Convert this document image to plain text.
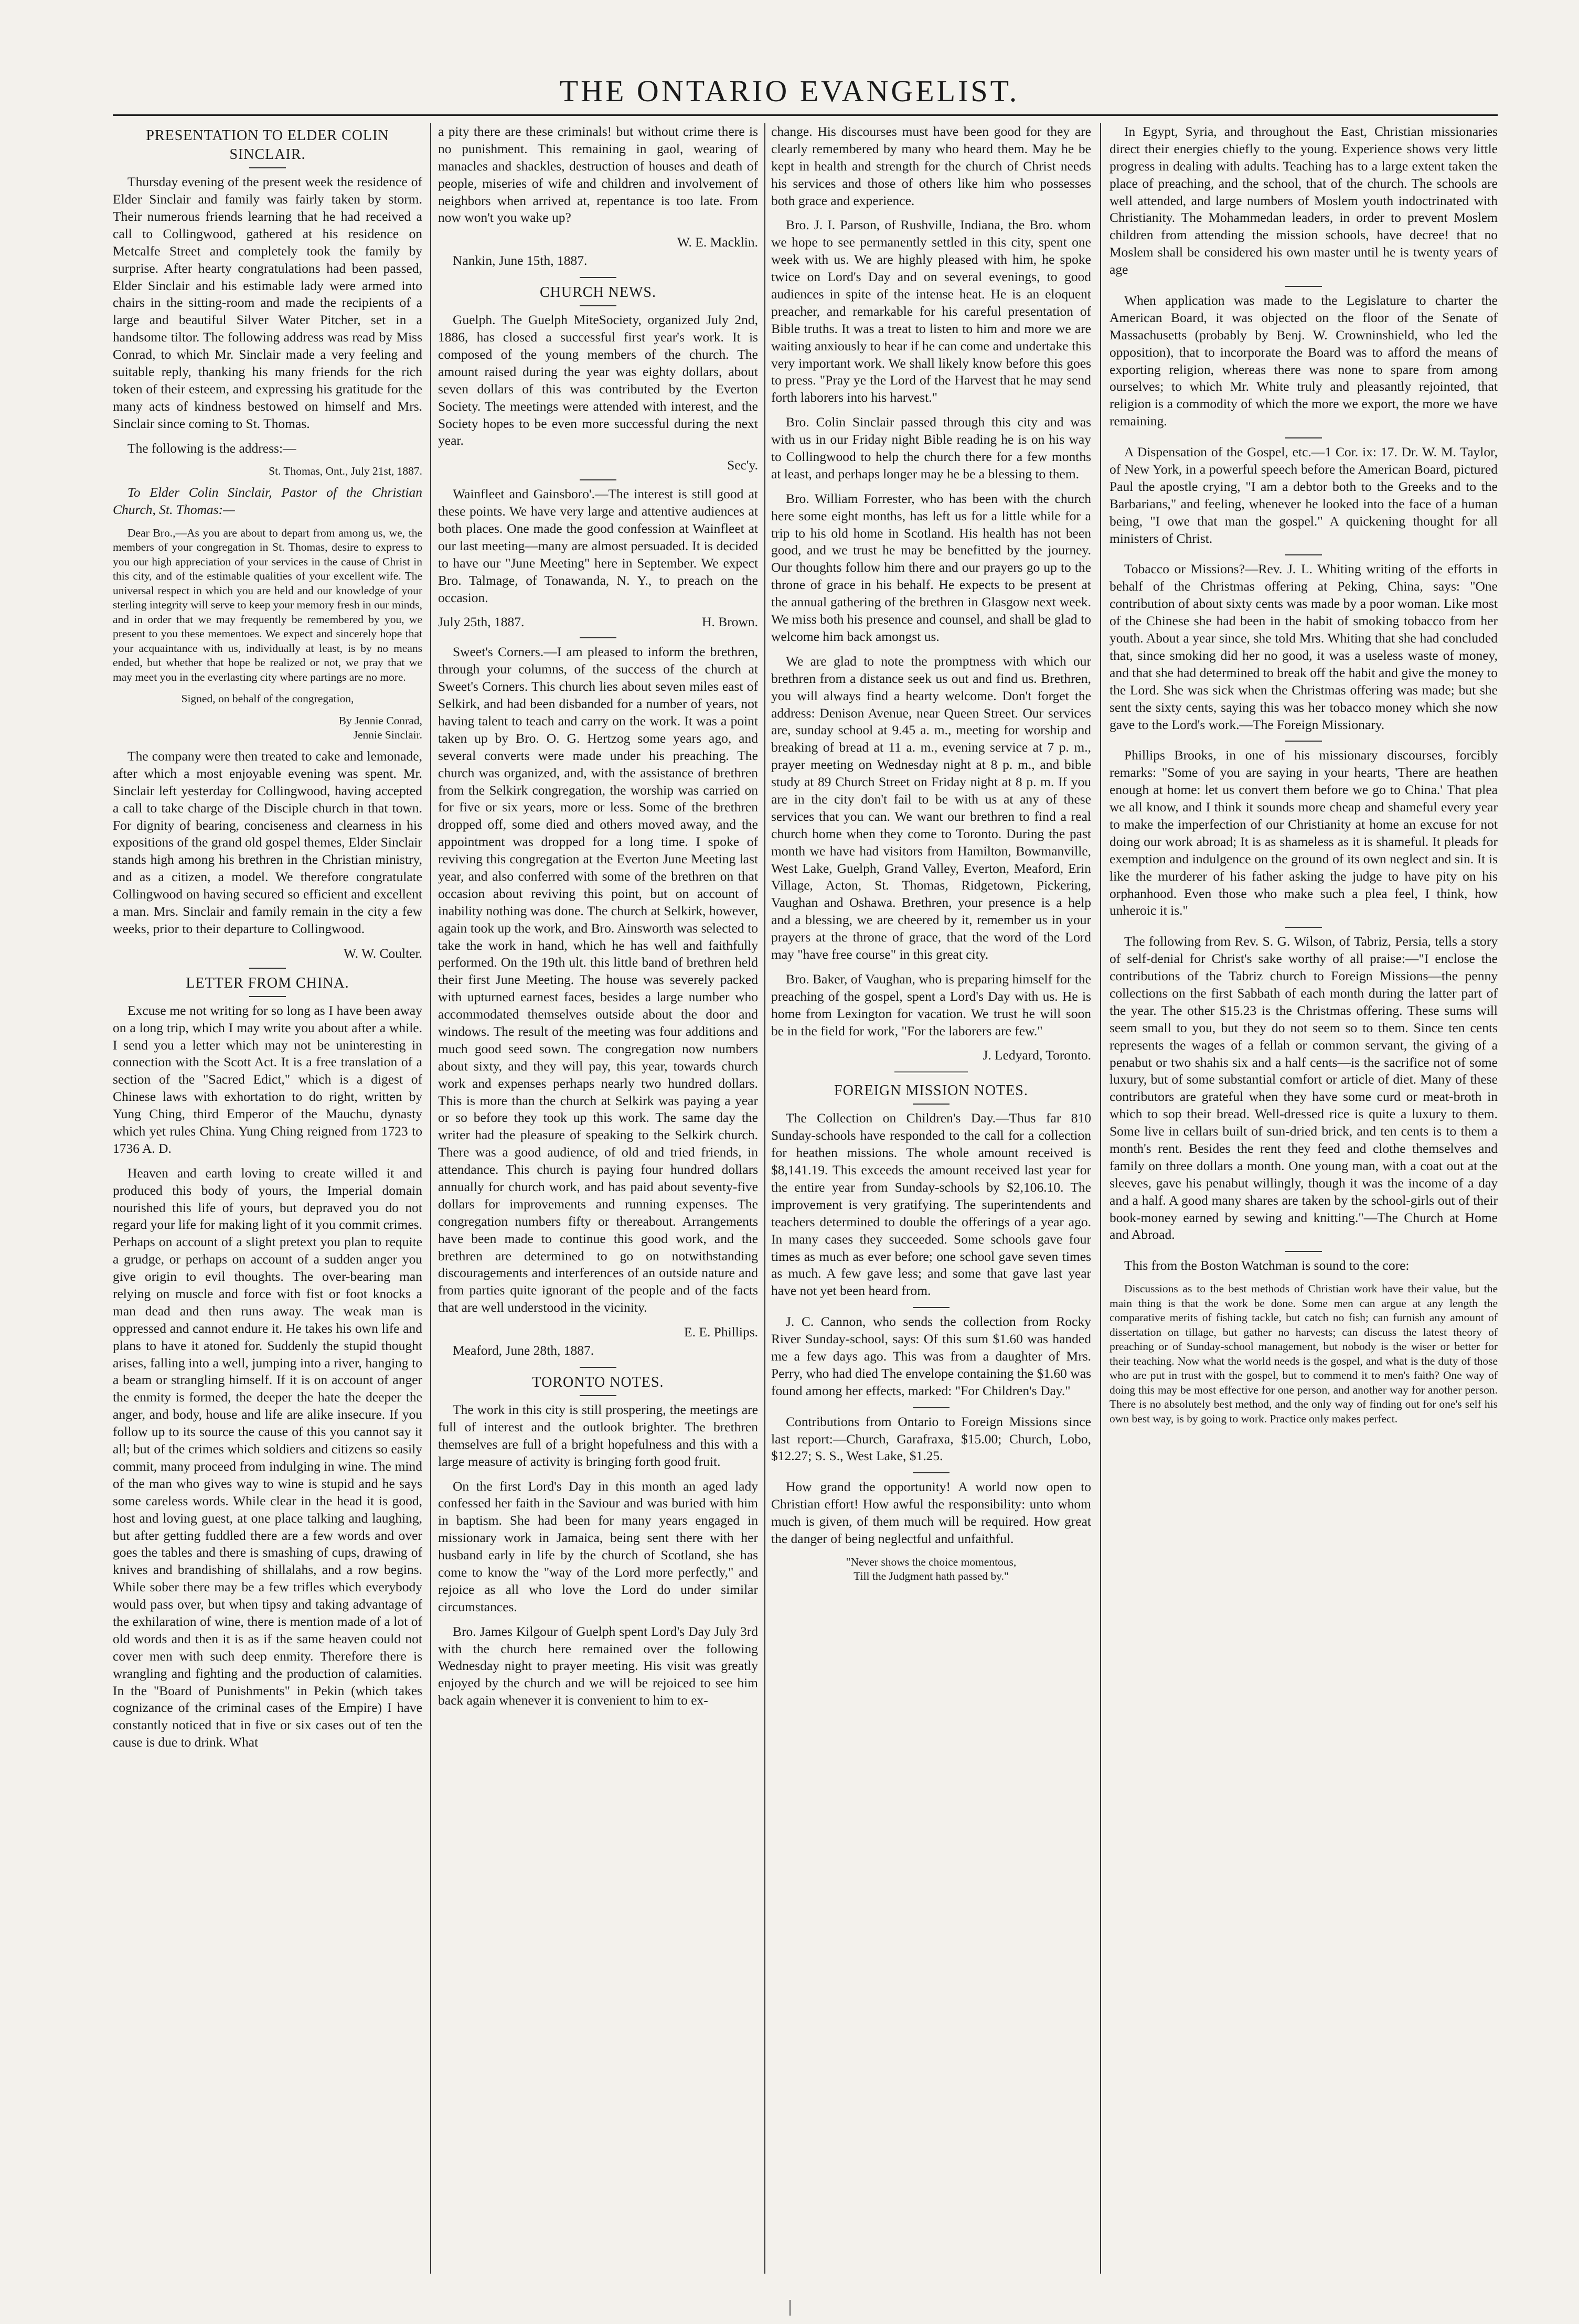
THE ONTARIO EVANGELIST.
PRESENTATION TO ELDER COLIN SINCLAIR.

Thursday evening of the present week the residence of Elder Sinclair and family was fairly taken by storm. Their numerous friends learning that he had received a call to Collingwood, gathered at his residence on Metcalfe Street and completely took the family by surprise. After hearty congratulations had been passed, Elder Sinclair and his estimable lady were armed into chairs in the sitting-room and made the recipients of a large and beautiful Silver Water Pitcher, set in a handsome tiltor. The following address was read by Miss Conrad, to which Mr. Sinclair made a very feeling and suitable reply, thanking his many friends for the rich token of their esteem, and expressing his gratitude for the many acts of kindness bestowed on himself and Mrs. Sinclair since coming to St. Thomas.

The following is the address:—

St. Thomas, Ont., July 21st, 1887.

To Elder Colin Sinclair, Pastor of the Christian Church, St. Thomas:—

Dear Bro.,—As you are about to depart from among us, we, the members of your congregation in St. Thomas, desire to express to you our high appreciation of your services in the cause of Christ in this city, and of the estimable qualities of your excellent wife. The universal respect in which you are held and our knowledge of your sterling integrity will serve to keep your memory fresh in our minds, and in order that we may frequently be remembered by you, we present to you these mementoes. We expect and sincerely hope that your acquaintance with us, individually at least, is by no means ended, but whether that hope be realized or not, we pray that we may meet you in the everlasting city where partings are no more.

Signed, on behalf of the congregation,

By Jennie Conrad,

Jennie Sinclair.

The company were then treated to cake and lemonade, after which a most enjoyable evening was spent. Mr. Sinclair left yesterday for Collingwood, having accepted a call to take charge of the Disciple church in that town. For dignity of bearing, conciseness and clearness in his expositions of the grand old gospel themes, Elder Sinclair stands high among his brethren in the Christian ministry, and as a citizen, a model. We therefore congratulate Collingwood on having secured so efficient and excellent a man. Mrs. Sinclair and family remain in the city a few weeks, prior to their departure to Collingwood.

W. W. Coulter.

LETTER FROM CHINA.

Excuse me not writing for so long as I have been away on a long trip, which I may write you about after a while. I send you a letter which may not be uninteresting in connection with the Scott Act. It is a free translation of a section of the "Sacred Edict," which is a digest of Chinese laws with exhortation to do right, written by Yung Ching, third Emperor of the Mauchu, dynasty which yet rules China. Yung Ching reigned from 1723 to 1736 A. D.

Heaven and earth loving to create willed it and produced this body of yours, the Imperial domain nourished this life of yours, but depraved you do not regard your life for making light of it you commit crimes. Perhaps on account of a slight pretext you plan to requite a grudge, or perhaps on account of a sudden anger you give origin to evil thoughts. The over-bearing man relying on muscle and force with fist or foot knocks a man dead and then runs away. The weak man is oppressed and cannot endure it. He takes his own life and plans to have it atoned for. Suddenly the stupid thought arises, falling into a well, jumping into a river, hanging to a beam or strangling himself. If it is on account of anger the enmity is formed, the deeper the hate the deeper the anger, and body, house and life are alike insecure. If you follow up to its source the cause of this you cannot say it all; but of the crimes which soldiers and citizens so easily commit, many proceed from indulging in wine. The mind of the man who gives way to wine is stupid and he says some careless words. While clear in the head it is good, host and loving guest, at one place talking and laughing, but after getting fuddled there are a few words and over goes the tables and there is smashing of cups, drawing of knives and brandishing of shillalahs, and a row begins. While sober there may be a few trifles which everybody would pass over, but when tipsy and taking advantage of the exhilaration of wine, there is mention made of a lot of old words and then it is as if the same heaven could not cover men with such deep enmity. Therefore there is wrangling and fighting and the production of calamities. In the "Board of Punishments" in Pekin (which takes cognizance of the criminal cases of the Empire) I have constantly noticed that in five or six cases out of ten the cause is due to drink. What

a pity there are these criminals! but without crime there is no punishment. This remaining in gaol, wearing of manacles and shackles, destruction of houses and death of people, miseries of wife and children and involvement of neighbors when arrived at, repentance is too late. From now won't you wake up?

W. E. Macklin.

Nankin, June 15th, 1887.

CHURCH NEWS.

Guelph. The Guelph MiteSociety, organized July 2nd, 1886, has closed a successful first year's work. It is composed of the young members of the church. The amount raised during the year was eighty dollars, about seven dollars of this was contributed by the Everton Society. The meetings were attended with interest, and the Society hopes to be even more successful during the next year.

Sec'y.

Wainfleet and Gainsboro'.—The interest is still good at these points. We have very large and attentive audiences at both places. One made the good confession at Wainfleet at our last meeting—many are almost persuaded. It is decided to have our "June Meeting" here in September. We expect Bro. Talmage, of Tonawanda, N. Y., to preach on the occasion.

July 25th, 1887.	H. Brown.

Sweet's Corners.—I am pleased to inform the brethren, through your columns, of the success of the church at Sweet's Corners. This church lies about seven miles east of Selkirk, and had been disbanded for a number of years, not having talent to teach and carry on the work. It was a point taken up by Bro. O. G. Hertzog some years ago, and several converts were made under his preaching. The church was organized, and, with the assistance of brethren from the Selkirk congregation, the worship was carried on for five or six years, more or less. Some of the brethren dropped off, some died and others moved away, and the appointment was dropped for a long time. I spoke of reviving this congregation at the Everton June Meeting last year, and also conferred with some of the brethren on that occasion about reviving this point, but on account of inability nothing was done. The church at Selkirk, however, again took up the work, and Bro. Ainsworth was selected to take the work in hand, which he has well and faithfully performed. On the 19th ult. this little band of brethren held their first June Meeting. The house was severely packed with upturned earnest faces, besides a large number who accommodated themselves outside about the door and windows. The result of the meeting was four additions and much good seed sown. The congregation now numbers about sixty, and they will pay, this year, towards church work and expenses perhaps nearly two hundred dollars. This is more than the church at Selkirk was paying a year or so before they took up this work. The same day the writer had the pleasure of speaking to the Selkirk church. There was a good audience, of old and tried friends, in attendance. This church is paying four hundred dollars annually for church work, and has paid about seventy-five dollars for improvements and running expenses. The congregation numbers fifty or thereabout. Arrangements have been made to continue this good work, and the brethren are determined to go on notwithstanding discouragements and interferences of an outside nature and from parties quite ignorant of the people and of the facts that are well understood in the vicinity.

E. E. Phillips.

Meaford, June 28th, 1887.

TORONTO NOTES.

The work in this city is still prospering, the meetings are full of interest and the outlook brighter. The brethren themselves are full of a bright hopefulness and this with a large measure of activity is bringing forth good fruit.

On the first Lord's Day in this month an aged lady confessed her faith in the Saviour and was buried with him in baptism. She had been for many years engaged in missionary work in Jamaica, being sent there with her husband early in life by the church of Scotland, she has come to know the "way of the Lord more perfectly," and rejoice as all who love the Lord do under similar circumstances.

Bro. James Kilgour of Guelph spent Lord's Day July 3rd with the church here remained over the following Wednesday night to prayer meeting. His visit was greatly enjoyed by the church and we will be rejoiced to see him back again whenever it is convenient to him to ex-

change. His discourses must have been good for they are clearly remembered by many who heard them. May he be kept in health and strength for the church of Christ needs his services and those of others like him who possesses both grace and experience.

Bro. J. I. Parson, of Rushville, Indiana, the Bro. whom we hope to see permanently settled in this city, spent one week with us. We are highly pleased with him, he spoke twice on Lord's Day and on several evenings, to good audiences in spite of the intense heat. He is an eloquent preacher, and remarkable for his careful presentation of Bible truths. It was a treat to listen to him and more we are waiting anxiously to hear if he can come and undertake this very important work. We shall likely know before this goes to press. "Pray ye the Lord of the Harvest that he may send forth laborers into his harvest."

Bro. Colin Sinclair passed through this city and was with us in our Friday night Bible reading he is on his way to Collingwood to help the church there for a few months at least, and perhaps longer may he be a blessing to them.

Bro. William Forrester, who has been with the church here some eight months, has left us for a little while for a trip to his old home in Scotland. His health has not been good, and we trust he may be benefitted by the journey. Our thoughts follow him there and our prayers go up to the throne of grace in his behalf. He expects to be present at the annual gathering of the brethren in Glasgow next week. We miss both his presence and counsel, and shall be glad to welcome him back amongst us.

We are glad to note the promptness with which our brethren from a distance seek us out and find us. Brethren, you will always find a hearty welcome. Don't forget the address: Denison Avenue, near Queen Street. Our services are, sunday school at 9.45 a. m., meeting for worship and breaking of bread at 11 a. m., evening service at 7 p. m., prayer meeting on Wednesday night at 8 p. m., and bible study at 89 Church Street on Friday night at 8 p. m. If you are in the city don't fail to be with us at any of these services that you can. We want our brethren to find a real church home when they come to Toronto. During the past month we have had visitors from Hamilton, Bowmanville, West Lake, Guelph, Grand Valley, Everton, Meaford, Erin Village, Acton, St. Thomas, Ridgetown, Pickering, Vaughan and Oshawa. Brethren, your presence is a help and a blessing, we are cheered by it, remember us in your prayers at the throne of grace, that the word of the Lord may "have free course" in this great city.

Bro. Baker, of Vaughan, who is preparing himself for the preaching of the gospel, spent a Lord's Day with us. He is home from Lexington for vacation. We trust he will soon be in the field for work, "For the laborers are few."

J. Ledyard, Toronto.

FOREIGN MISSION NOTES.

The Collection on Children's Day.—Thus far 810 Sunday-schools have responded to the call for a collection for heathen missions. The whole amount received is $8,141.19. This exceeds the amount received last year for the entire year from Sunday-schools by $2,106.10. The improvement is very gratifying. The superintendents and teachers determined to double the offerings of a year ago. In many cases they succeeded. Some schools gave four times as much as ever before; one school gave seven times as much. A few gave less; and some that gave last year have not yet been heard from.

J. C. Cannon, who sends the collection from Rocky River Sunday-school, says: Of this sum $1.60 was handed me a few days ago. This was from a daughter of Mrs. Perry, who had died The envelope containing the $1.60 was found among her effects, marked: "For Children's Day."

Contributions from Ontario to Foreign Missions since last report:—Church, Garafraxa, $15.00; Church, Lobo, $12.27; S. S., West Lake, $1.25.

How grand the opportunity! A world now open to Christian effort! How awful the responsibility: unto whom much is given, of them much will be required. How great the danger of being neglectful and unfaithful.

"Never shows the choice momentous,

Till the Judgment hath passed by."

In Egypt, Syria, and throughout the East, Christian missionaries direct their energies chiefly to the young. Experience shows very little progress in dealing with adults. Teaching has to a large extent taken the place of preaching, and the school, that of the church. The schools are well attended, and large numbers of Moslem youth indoctrinated with Christianity. The Mohammedan leaders, in order to prevent Moslem children from attending the mission schools, have decree! that no Moslem shall be considered his own master until he is twenty years of age

When application was made to the Legislature to charter the American Board, it was objected on the floor of the Senate of Massachusetts (probably by Benj. W. Crowninshield, who led the opposition), that to incorporate the Board was to afford the means of exporting religion, whereas there was none to spare from among ourselves; to which Mr. White truly and pleasantly rejointed, that religion is a commodity of which the more we export, the more we have remaining.

A Dispensation of the Gospel, etc.—1 Cor. ix: 17. Dr. W. M. Taylor, of New York, in a powerful speech before the American Board, pictured Paul the apostle crying, "I am a debtor both to the Greeks and to the Barbarians," and feeling, whenever he looked into the face of a human being, "I owe that man the gospel." A quickening thought for all ministers of Christ.

Tobacco or Missions?—Rev. J. L. Whiting writing of the efforts in behalf of the Christmas offering at Peking, China, says: "One contribution of about sixty cents was made by a poor woman. Like most of the Chinese she had been in the habit of smoking tobacco from her youth. About a year since, she told Mrs. Whiting that she had concluded that, since smoking did her no good, it was a useless waste of money, and that she had determined to break off the habit and give the money to the Lord. She was sick when the Christmas offering was made; but she sent the sixty cents, saying this was her tobacco money which she now gave to the Lord's work.—The Foreign Missionary.

Phillips Brooks, in one of his missionary discourses, forcibly remarks: "Some of you are saying in your hearts, 'There are heathen enough at home: let us convert them before we go to China.' That plea we all know, and I think it sounds more cheap and shameful every year to make the imperfection of our Christianity at home an excuse for not doing our work abroad; It is as shameless as it is shameful. It pleads for exemption and indulgence on the ground of its own neglect and sin. It is like the murderer of his father asking the judge to have pity on his orphanhood. Even those who make such a plea feel, I think, how unheroic it is."

The following from Rev. S. G. Wilson, of Tabriz, Persia, tells a story of self-denial for Christ's sake worthy of all praise:—"I enclose the contributions of the Tabriz church to Foreign Missions—the penny collections on the first Sabbath of each month during the latter part of the year. The other $15.23 is the Christmas offering. These sums will seem small to you, but they do not seem so to them. Since ten cents represents the wages of a fellah or common servant, the giving of a penabut or two shahis six and a half cents—is the sacrifice not of some luxury, but of some substantial comfort or article of diet. Many of these contributors are grateful when they have some curd or meat-broth in which to sop their bread. Well-dressed rice is quite a luxury to them. Some live in cellars built of sun-dried brick, and ten cents is to them a month's rent. Besides the rent they feed and clothe themselves and family on three dollars a month. One young man, with a coat out at the sleeves, gave his penabut willingly, though it was the income of a day and a half. A good many shares are taken by the school-girls out of their book-money earned by sewing and knitting."—The Church at Home and Abroad.

This from the Boston Watchman is sound to the core:

Discussions as to the best methods of Christian work have their value, but the main thing is that the work be done. Some men can argue at any length the comparative merits of fishing tackle, but catch no fish; can furnish any amount of dissertation on tillage, but gather no harvests; can discuss the latest theory of preaching or of Sunday-school management, but nobody is the wiser or better for their teaching. Now what the world needs is the gospel, and what is the duty of those who are put in trust with the gospel, but to commend it to men's faith? One way of doing this may be most effective for one person, and another way for another person. There is no absolutely best method, and the only way of finding out for one's self his own best way, is by going to work. Practice only makes perfect.
